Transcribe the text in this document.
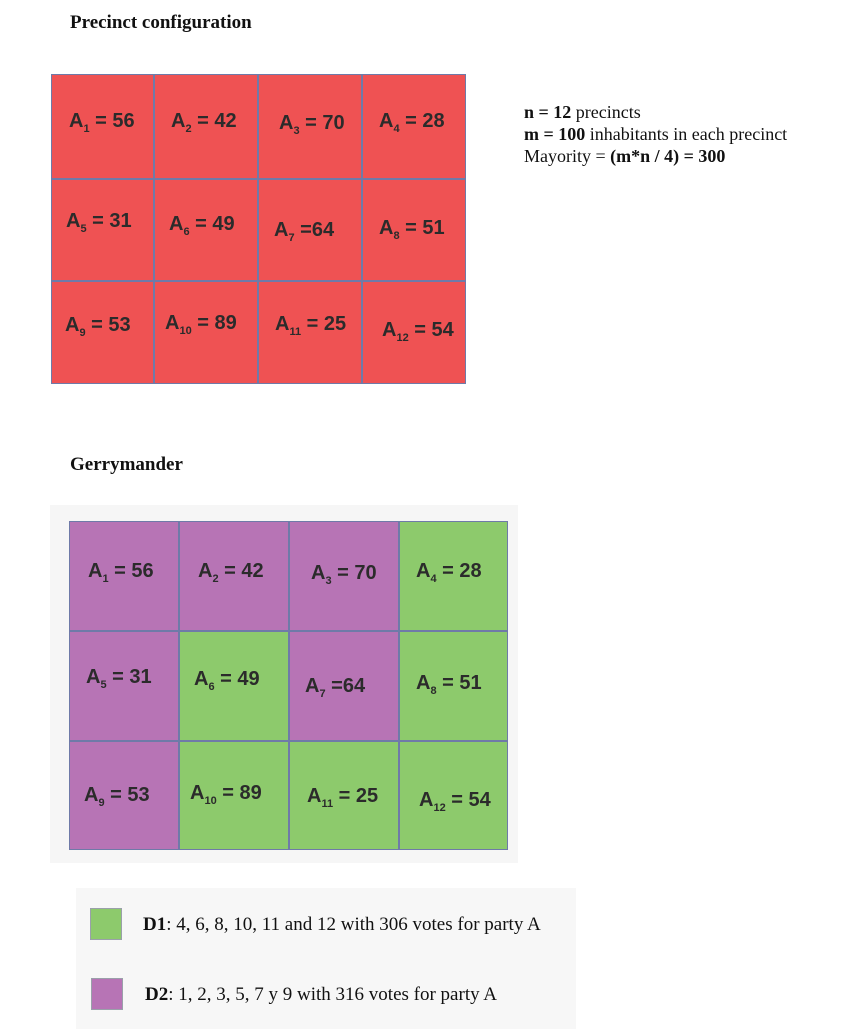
Precinct configuration
$A_1 = 56$ $A_2 = 42$ $A_3 = 70$ $A_4 = 28$
$A_5 = 31$ $A_6 = 49$ $A_7 =64$ $A_8 = 51$
$A_9 = 53$ $A_{10} = 89$ $A_{11} = 25$ $A_{12} = 54$
n = 12 precincts
m = 100 inhabitants in each precinct
Mayority = (m*n / 4) = 300
Gerrymander
$A_1 = 56$ $A_2 = 42$ $A_3 = 70$ $A_4 = 28$
$A_5 = 31$ $A_6 = 49$ $A_7 =64$	$A_8 = 51$
$A_9 = 53$ $A_{10} = 89$ $A_{11} = 25$ $A_{12} = 54$
D1: 4, 6, 8, 10, 11 and 12 with 306 votes for party A
D2: 1, 2, 3, 5, 7 y 9 with 316 votes for party A
